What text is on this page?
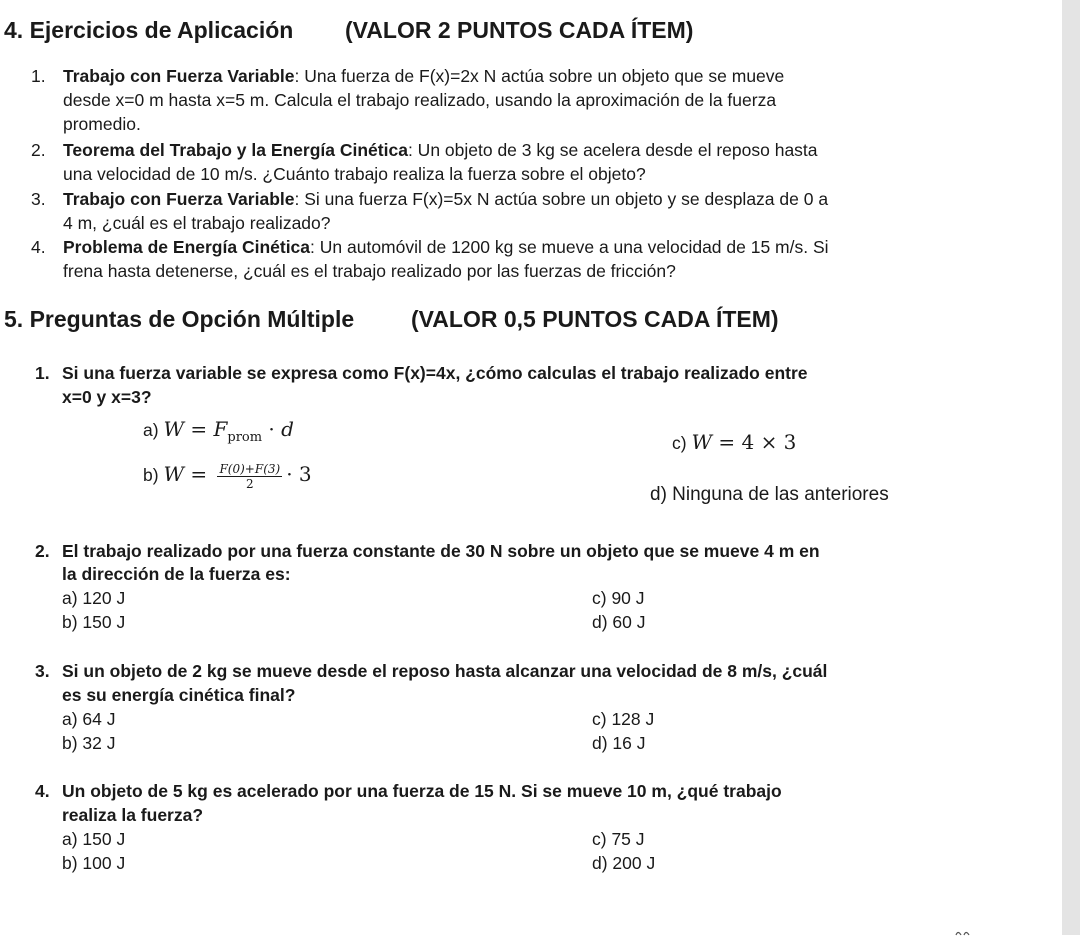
4. Ejercicios de Aplicación (VALOR 2 PUNTOS CADA ÍTEM)
1. Trabajo con Fuerza Variable: Una fuerza de F(x)=2x N actúa sobre un objeto que se mueve
desde x=0 m hasta x=5 m. Calcula el trabajo realizado, usando la aproximación de la fuerza
promedio.
2. Teorema del Trabajo y la Energía Cinética: Un objeto de 3 kg se acelera desde el reposo hasta
una velocidad de 10 m/s. ¿Cuánto trabajo realiza la fuerza sobre el objeto?
3. Trabajo con Fuerza Variable: Si una fuerza F(x)=5x N actúa sobre un objeto y se desplaza de 0 a
4 m, ¿cuál es el trabajo realizado?
4. Problema de Energía Cinética: Un automóvil de 1200 kg se mueve a una velocidad de 15 m/s. Si
frena hasta detenerse, ¿cuál es el trabajo realizado por las fuerzas de fricción?
5. Preguntas de Opción Múltiple (VALOR 0,5 PUNTOS CADA ÍTEM)
1. Si una fuerza variable se expresa como F(x)=4x, ¿cómo calculas el trabajo realizado entre
x=0 y x=3?
a) $W = F_{prom} \cdot d$
b) $W = \frac{F(0)+F(3)}{2} \cdot 3$
c) W = 4 × 3
d) Ninguna de las anteriores
2. El trabajo realizado por una fuerza constante de 30 N sobre un objeto que se mueve 4 m en
la dirección de la fuerza es:
a) 120 J
b) 150 J
c) 90 J
d) 60 J
3. Si un objeto de 2 kg se mueve desde el reposo hasta alcanzar una velocidad de 8 m/s, ¿cuál
es su energía cinética final?
a) 64 J
b) 32 J
c) 128 J
d) 16 J
4. Un objeto de 5 kg es acelerado por una fuerza de 15 N. Si se mueve 10 m, ¿qué trabajo
realiza la fuerza?
a) 150 J
b) 100 J
c) 75 J
d) 200 J
